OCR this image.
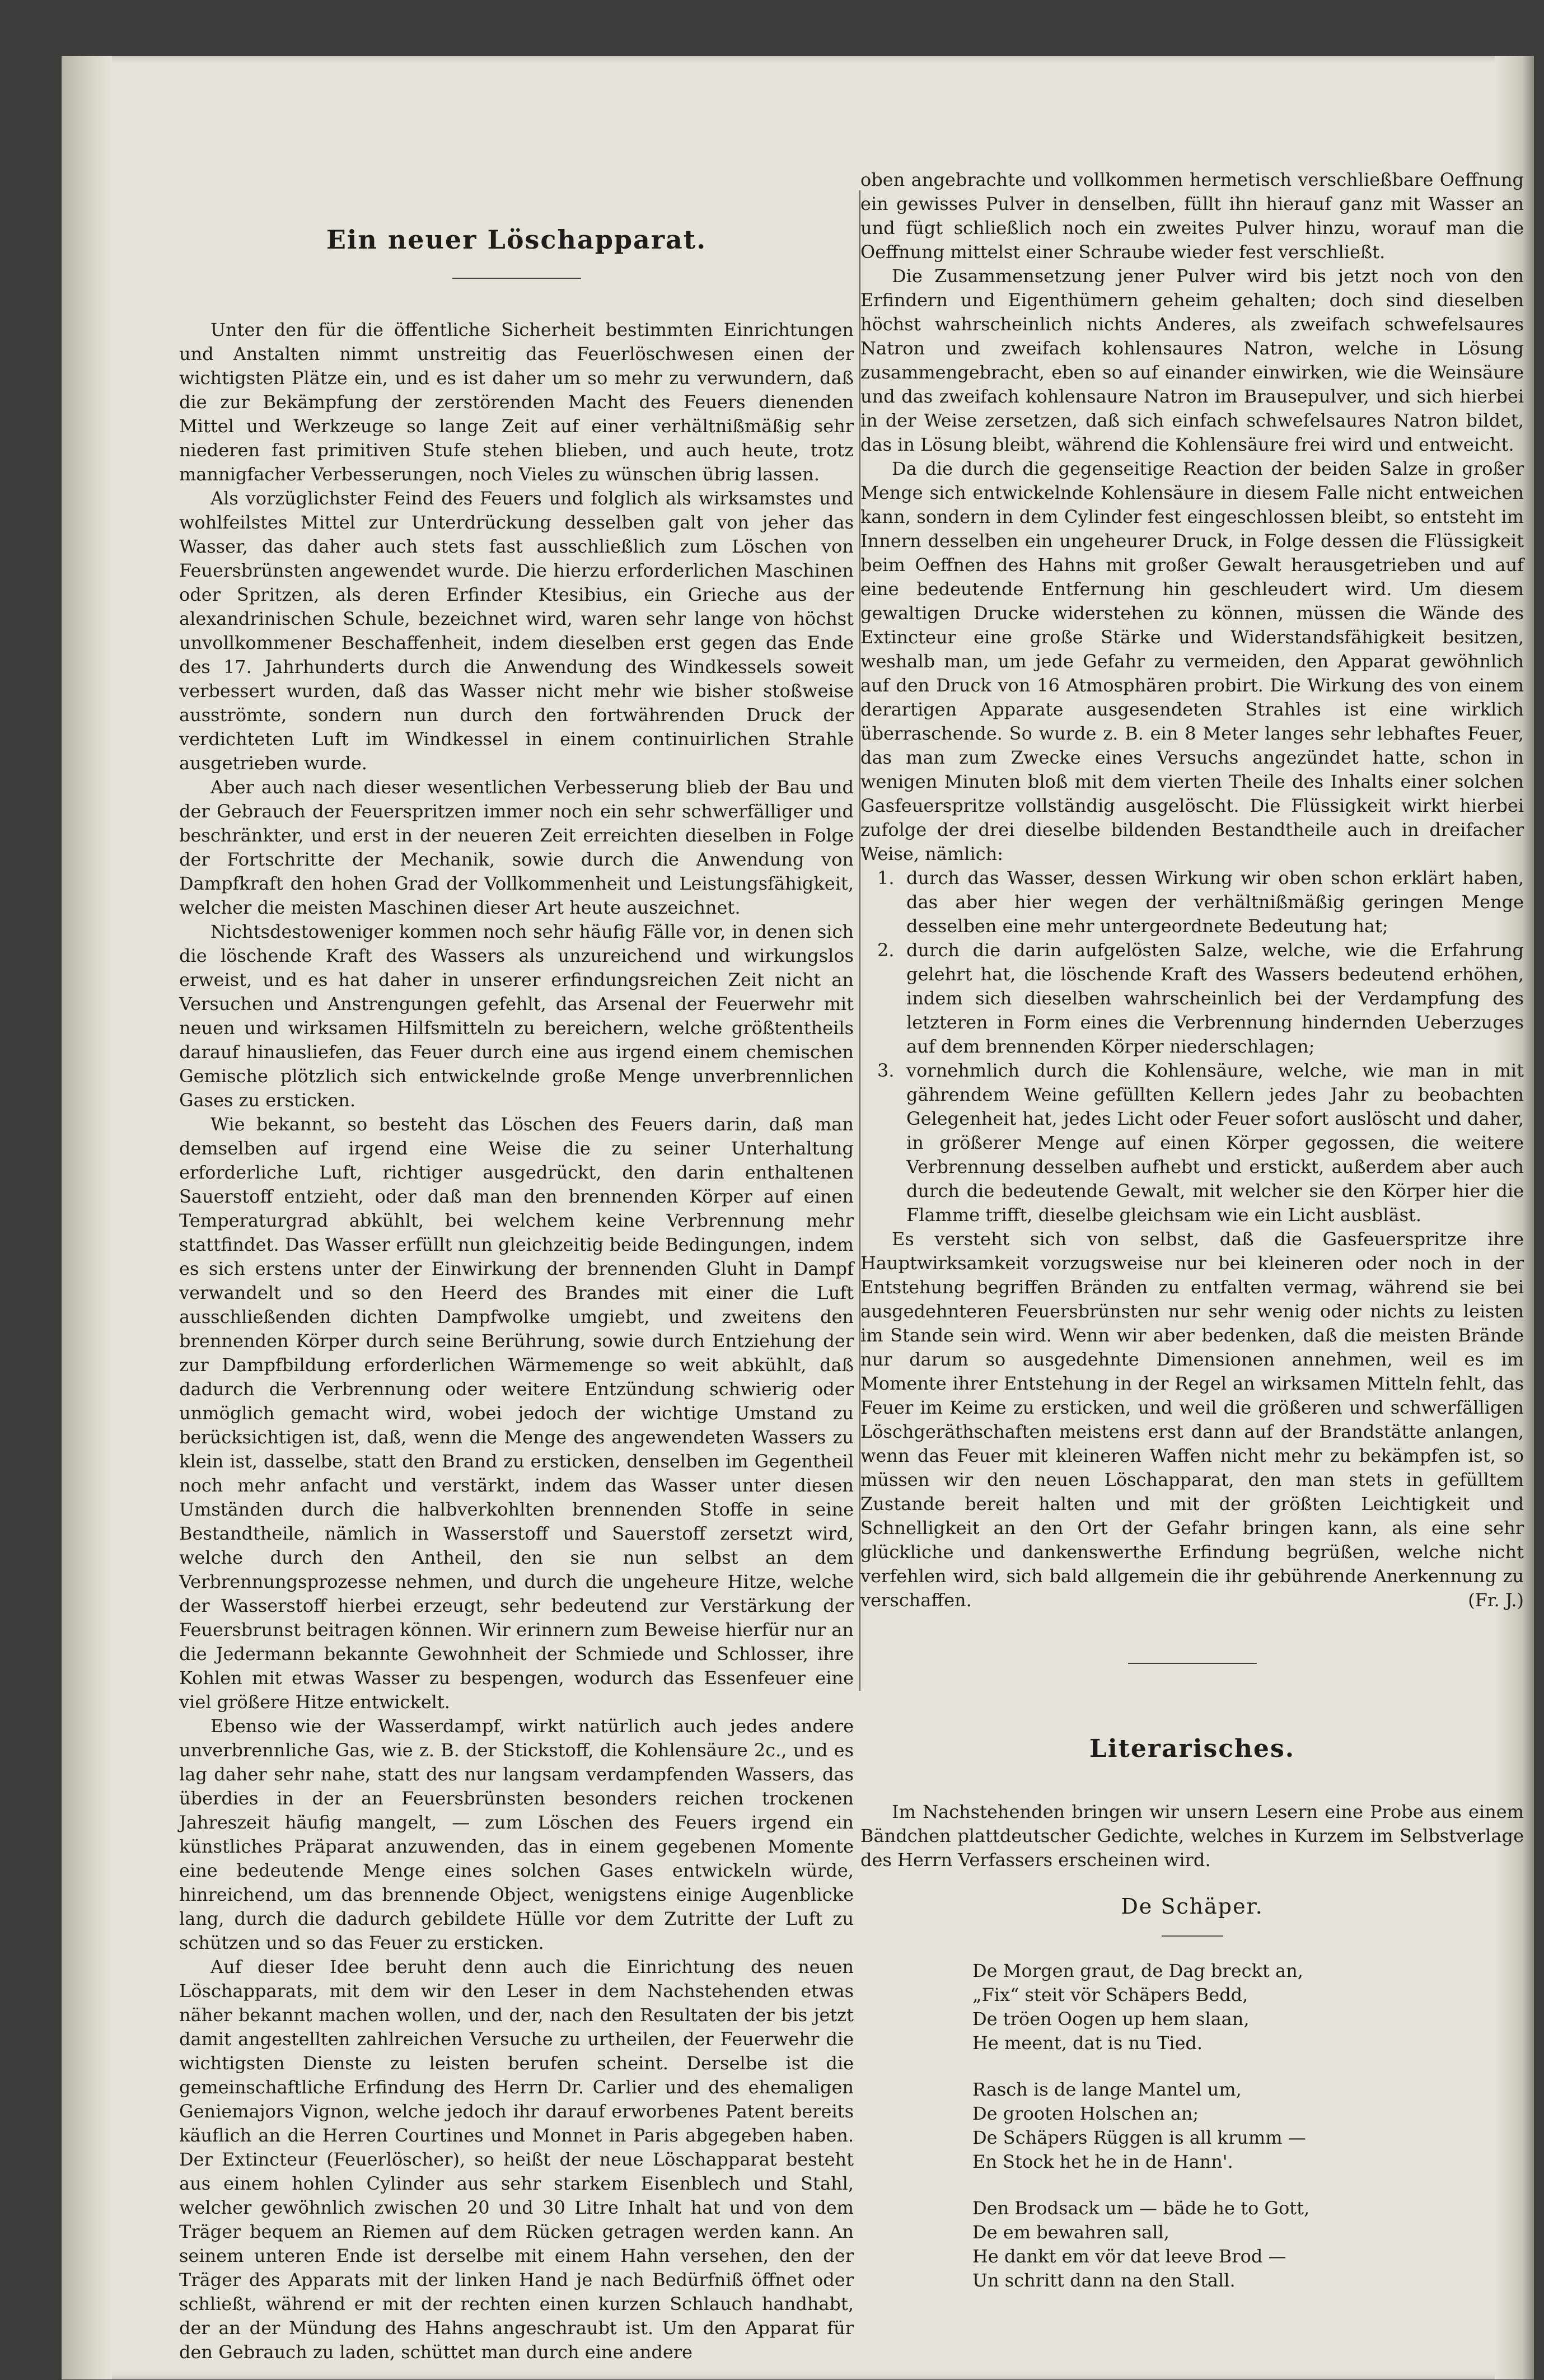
Ein neuer Löschapparat.

Unter den für die öffentliche Sicherheit bestimmten Einrichtungen und Anstalten nimmt unstreitig das Feuerlöschwesen einen der wichtigsten Plätze ein, und es ist daher um so mehr zu verwundern, daß die zur Bekämpfung der zerstörenden Macht des Feuers dienenden Mittel und Werkzeuge so lange Zeit auf einer verhältnißmäßig sehr niederen fast primitiven Stufe stehen blieben, und auch heute, trotz mannigfacher Verbesserungen, noch Vieles zu wünschen übrig lassen.

Als vorzüglichster Feind des Feuers und folglich als wirksamstes und wohlfeilstes Mittel zur Unterdrückung desselben galt von jeher das Wasser, das daher auch stets fast ausschließlich zum Löschen von Feuersbrünsten angewendet wurde. Die hierzu erforderlichen Maschinen oder Spritzen, als deren Erfinder Ktesibius, ein Grieche aus der alexandrinischen Schule, bezeichnet wird, waren sehr lange von höchst unvollkommener Beschaffenheit, indem dieselben erst gegen das Ende des 17. Jahrhunderts durch die Anwendung des Windkessels soweit verbessert wurden, daß das Wasser nicht mehr wie bisher stoßweise ausströmte, sondern nun durch den fortwährenden Druck der verdichteten Luft im Windkessel in einem continuirlichen Strahle ausgetrieben wurde.

Aber auch nach dieser wesentlichen Verbesserung blieb der Bau und der Gebrauch der Feuerspritzen immer noch ein sehr schwerfälliger und beschränkter, und erst in der neueren Zeit erreichten dieselben in Folge der Fortschritte der Mechanik, sowie durch die Anwendung von Dampfkraft den hohen Grad der Vollkommenheit und Leistungsfähigkeit, welcher die meisten Maschinen dieser Art heute auszeichnet.

Nichtsdestoweniger kommen noch sehr häufig Fälle vor, in denen sich die löschende Kraft des Wassers als unzureichend und wirkungslos erweist, und es hat daher in unserer erfindungsreichen Zeit nicht an Versuchen und Anstrengungen gefehlt, das Arsenal der Feuerwehr mit neuen und wirksamen Hilfsmitteln zu bereichern, welche größtentheils darauf hinausliefen, das Feuer durch eine aus irgend einem chemischen Gemische plötzlich sich entwickelnde große Menge unverbrennlichen Gases zu ersticken.

Wie bekannt, so besteht das Löschen des Feuers darin, daß man demselben auf irgend eine Weise die zu seiner Unterhaltung erforderliche Luft, richtiger ausgedrückt, den darin enthaltenen Sauerstoff entzieht, oder daß man den brennenden Körper auf einen Temperaturgrad abkühlt, bei welchem keine Verbrennung mehr stattfindet. Das Wasser erfüllt nun gleichzeitig beide Bedingungen, indem es sich erstens unter der Einwirkung der brennenden Gluht in Dampf verwandelt und so den Heerd des Brandes mit einer die Luft ausschließenden dichten Dampfwolke umgiebt, und zweitens den brennenden Körper durch seine Berührung, sowie durch Entziehung der zur Dampfbildung erforderlichen Wärmemenge so weit abkühlt, daß dadurch die Verbrennung oder weitere Entzündung schwierig oder unmöglich gemacht wird, wobei jedoch der wichtige Umstand zu berücksichtigen ist, daß, wenn die Menge des angewendeten Wassers zu klein ist, dasselbe, statt den Brand zu ersticken, denselben im Gegentheil noch mehr anfacht und verstärkt, indem das Wasser unter diesen Umständen durch die halbverkohlten brennenden Stoffe in seine Bestandtheile, nämlich in Wasserstoff und Sauerstoff zersetzt wird, welche durch den Antheil, den sie nun selbst an dem Verbrennungsprozesse nehmen, und durch die ungeheure Hitze, welche der Wasserstoff hierbei erzeugt, sehr bedeutend zur Verstärkung der Feuersbrunst beitragen können. Wir erinnern zum Beweise hierfür nur an die Jedermann bekannte Gewohnheit der Schmiede und Schlosser, ihre Kohlen mit etwas Wasser zu bespengen, wodurch das Essenfeuer eine viel größere Hitze entwickelt.

Ebenso wie der Wasserdampf, wirkt natürlich auch jedes andere unverbrennliche Gas, wie z. B. der Stickstoff, die Kohlensäure 2c., und es lag daher sehr nahe, statt des nur langsam verdampfenden Wassers, das überdies in der an Feuersbrünsten besonders reichen trockenen Jahreszeit häufig mangelt, — zum Löschen des Feuers irgend ein künstliches Präparat anzuwenden, das in einem gegebenen Momente eine bedeutende Menge eines solchen Gases entwickeln würde, hinreichend, um das brennende Object, wenigstens einige Augenblicke lang, durch die dadurch gebildete Hülle vor dem Zutritte der Luft zu schützen und so das Feuer zu ersticken.

Auf dieser Idee beruht denn auch die Einrichtung des neuen Löschapparats, mit dem wir den Leser in dem Nachstehenden etwas näher bekannt machen wollen, und der, nach den Resultaten der bis jetzt damit angestellten zahlreichen Versuche zu urtheilen, der Feuerwehr die wichtigsten Dienste zu leisten berufen scheint. Derselbe ist die gemeinschaftliche Erfindung des Herrn Dr. Carlier und des ehemaligen Geniemajors Vignon, welche jedoch ihr darauf erworbenes Patent bereits käuflich an die Herren Courtines und Monnet in Paris abgegeben haben. Der Extincteur (Feuerlöscher), so heißt der neue Löschapparat besteht aus einem hohlen Cylinder aus sehr starkem Eisenblech und Stahl, welcher gewöhnlich zwischen 20 und 30 Litre Inhalt hat und von dem Träger bequem an Riemen auf dem Rücken getragen werden kann. An seinem unteren Ende ist derselbe mit einem Hahn versehen, den der Träger des Apparats mit der linken Hand je nach Bedürfniß öffnet oder schließt, während er mit der rechten einen kurzen Schlauch handhabt, der an der Mündung des Hahns angeschraubt ist. Um den Apparat für den Gebrauch zu laden, schüttet man durch eine andere

oben angebrachte und vollkommen hermetisch verschließbare Oeffnung ein gewisses Pulver in denselben, füllt ihn hierauf ganz mit Wasser an und fügt schließlich noch ein zweites Pulver hinzu, worauf man die Oeffnung mittelst einer Schraube wieder fest verschließt.

Die Zusammensetzung jener Pulver wird bis jetzt noch von den Erfindern und Eigenthümern geheim gehalten; doch sind dieselben höchst wahrscheinlich nichts Anderes, als zweifach schwefelsaures Natron und zweifach kohlensaures Natron, welche in Lösung zusammengebracht, eben so auf einander einwirken, wie die Weinsäure und das zweifach kohlensaure Natron im Brausepulver, und sich hierbei in der Weise zersetzen, daß sich einfach schwefelsaures Natron bildet, das in Lösung bleibt, während die Kohlensäure frei wird und entweicht.

Da die durch die gegenseitige Reaction der beiden Salze in großer Menge sich entwickelnde Kohlensäure in diesem Falle nicht entweichen kann, sondern in dem Cylinder fest eingeschlossen bleibt, so entsteht im Innern desselben ein ungeheurer Druck, in Folge dessen die Flüssigkeit beim Oeffnen des Hahns mit großer Gewalt herausgetrieben und auf eine bedeutende Entfernung hin geschleudert wird. Um diesem gewaltigen Drucke widerstehen zu können, müssen die Wände des Extincteur eine große Stärke und Widerstandsfähigkeit besitzen, weshalb man, um jede Gefahr zu vermeiden, den Apparat gewöhnlich auf den Druck von 16 Atmosphären probirt. Die Wirkung des von einem derartigen Apparate ausgesendeten Strahles ist eine wirklich überraschende. So wurde z. B. ein 8 Meter langes sehr lebhaftes Feuer, das man zum Zwecke eines Versuchs angezündet hatte, schon in wenigen Minuten bloß mit dem vierten Theile des Inhalts einer solchen Gasfeuerspritze vollständig ausgelöscht. Die Flüssigkeit wirkt hierbei zufolge der drei dieselbe bildenden Bestandtheile auch in dreifacher Weise, nämlich:

1. durch das Wasser, dessen Wirkung wir oben schon erklärt haben, das aber hier wegen der verhältnißmäßig geringen Menge desselben eine mehr untergeordnete Bedeutung hat;
2. durch die darin aufgelösten Salze, welche, wie die Erfahrung gelehrt hat, die löschende Kraft des Wassers bedeutend erhöhen, indem sich dieselben wahrscheinlich bei der Verdampfung des letzteren in Form eines die Verbrennung hindernden Ueberzuges auf dem brennenden Körper niederschlagen;
3. vornehmlich durch die Kohlensäure, welche, wie man in mit gährendem Weine gefüllten Kellern jedes Jahr zu beobachten Gelegenheit hat, jedes Licht oder Feuer sofort auslöscht und daher, in größerer Menge auf einen Körper gegossen, die weitere Verbrennung desselben aufhebt und erstickt, außerdem aber auch durch die bedeutende Gewalt, mit welcher sie den Körper hier die Flamme trifft, dieselbe gleichsam wie ein Licht ausbläst.

Es versteht sich von selbst, daß die Gasfeuerspritze ihre Hauptwirksamkeit vorzugsweise nur bei kleineren oder noch in der Entstehung begriffen Bränden zu entfalten vermag, während sie bei ausgedehnteren Feuersbrünsten nur sehr wenig oder nichts zu leisten im Stande sein wird. Wenn wir aber bedenken, daß die meisten Brände nur darum so ausgedehnte Dimensionen annehmen, weil es im Momente ihrer Entstehung in der Regel an wirksamen Mitteln fehlt, das Feuer im Keime zu ersticken, und weil die größeren und schwerfälligen Löschgeräthschaften meistens erst dann auf der Brandstätte anlangen, wenn das Feuer mit kleineren Waffen nicht mehr zu bekämpfen ist, so müssen wir den neuen Löschapparat, den man stets in gefülltem Zustande bereit halten und mit der größten Leichtigkeit und Schnelligkeit an den Ort der Gefahr bringen kann, als eine sehr glückliche und dankenswerthe Erfindung begrüßen, welche nicht verfehlen wird, sich bald allgemein die ihr gebührende Anerkennung zu verschaffen.	(Fr. J.)

Literarisches.

Im Nachstehenden bringen wir unsern Lesern eine Probe aus einem Bändchen plattdeutscher Gedichte, welches in Kurzem im Selbstverlage des Herrn Verfassers erscheinen wird.

De Schäper.
De Morgen graut, de Dag breckt an,
„Fix“ steit vör Schäpers Bedd,
De tröen Oogen up hem slaan,
He meent, dat is nu Tied.
Rasch is de lange Mantel um,
De grooten Holschen an;
De Schäpers Rüggen is all krumm —
En Stock het he in de Hann'.
Den Brodsack um — bäde he to Gott,
De em bewahren sall,
He dankt em vör dat leeve Brod —
Un schritt dann na den Stall.
